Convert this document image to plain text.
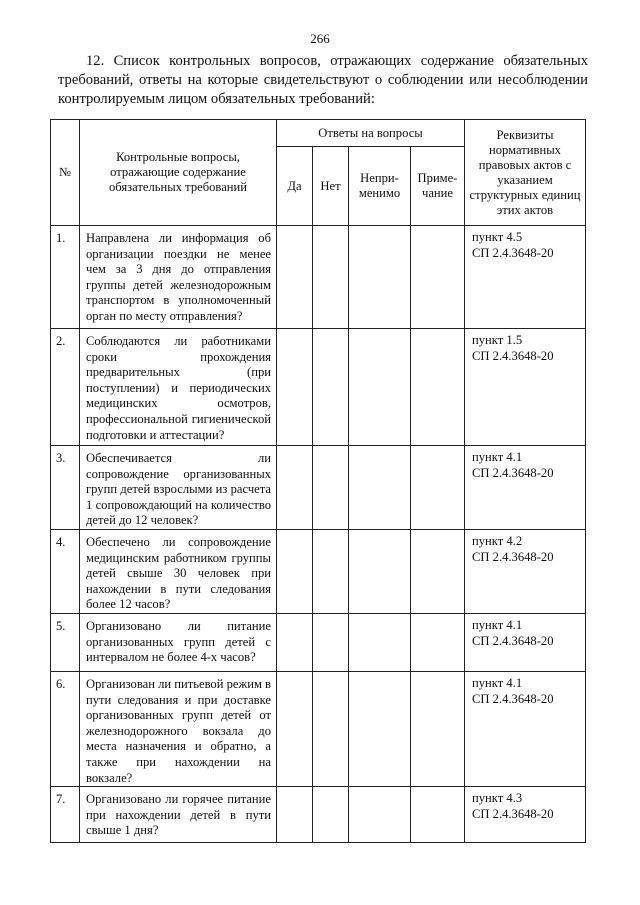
266
12. Список контрольных вопросов, отражающих содержание обязательных требований, ответы на которые свидетельствуют о соблюдении или несоблюдении контролируемым лицом обязательных требований:
№	Контрольные вопросы, отражающие содержание обязательных требований	Ответы на вопросы				Реквизиты нормативных правовых актов с указанием структурных единиц этих актов
		Да	Нет	Непри-менимо	Приме-чание	
1.	Направлена ли информация об организации поездки не менее чем за 3 дня до отправления группы детей железнодорожным транспортом в уполномоченный орган по месту отправления?					пункт 4.5
СП 2.4.3648-20

2.	Соблюдаются ли работниками сроки прохождения предварительных (при поступлении) и периодических медицинских осмотров, профессиональной гигиенической подготовки и аттестации?					пункт 1.5
СП 2.4.3648-20

3.	Обеспечивается ли сопровождение организованных групп детей взрослыми из расчета 1 сопровождающий на количество детей до 12 человек?					пункт 4.1
СП 2.4.3648-20

4.	Обеспечено ли сопровождение медицинским работником группы детей свыше 30 человек при нахождении в пути следования более 12 часов?					пункт 4.2
СП 2.4.3648-20

5.	Организовано ли питание организованных групп детей с интервалом не более 4-х часов?					пункт 4.1
СП 2.4.3648-20

6.	Организован ли питьевой режим в пути следования и при доставке организованных групп детей от железнодорожного вокзала до места назначения и обратно, а также при нахождении на вокзале?					пункт 4.1
СП 2.4.3648-20

7.	Организовано ли горячее питание при нахождении детей в пути свыше 1 дня?					пункт 4.3
СП 2.4.3648-20
